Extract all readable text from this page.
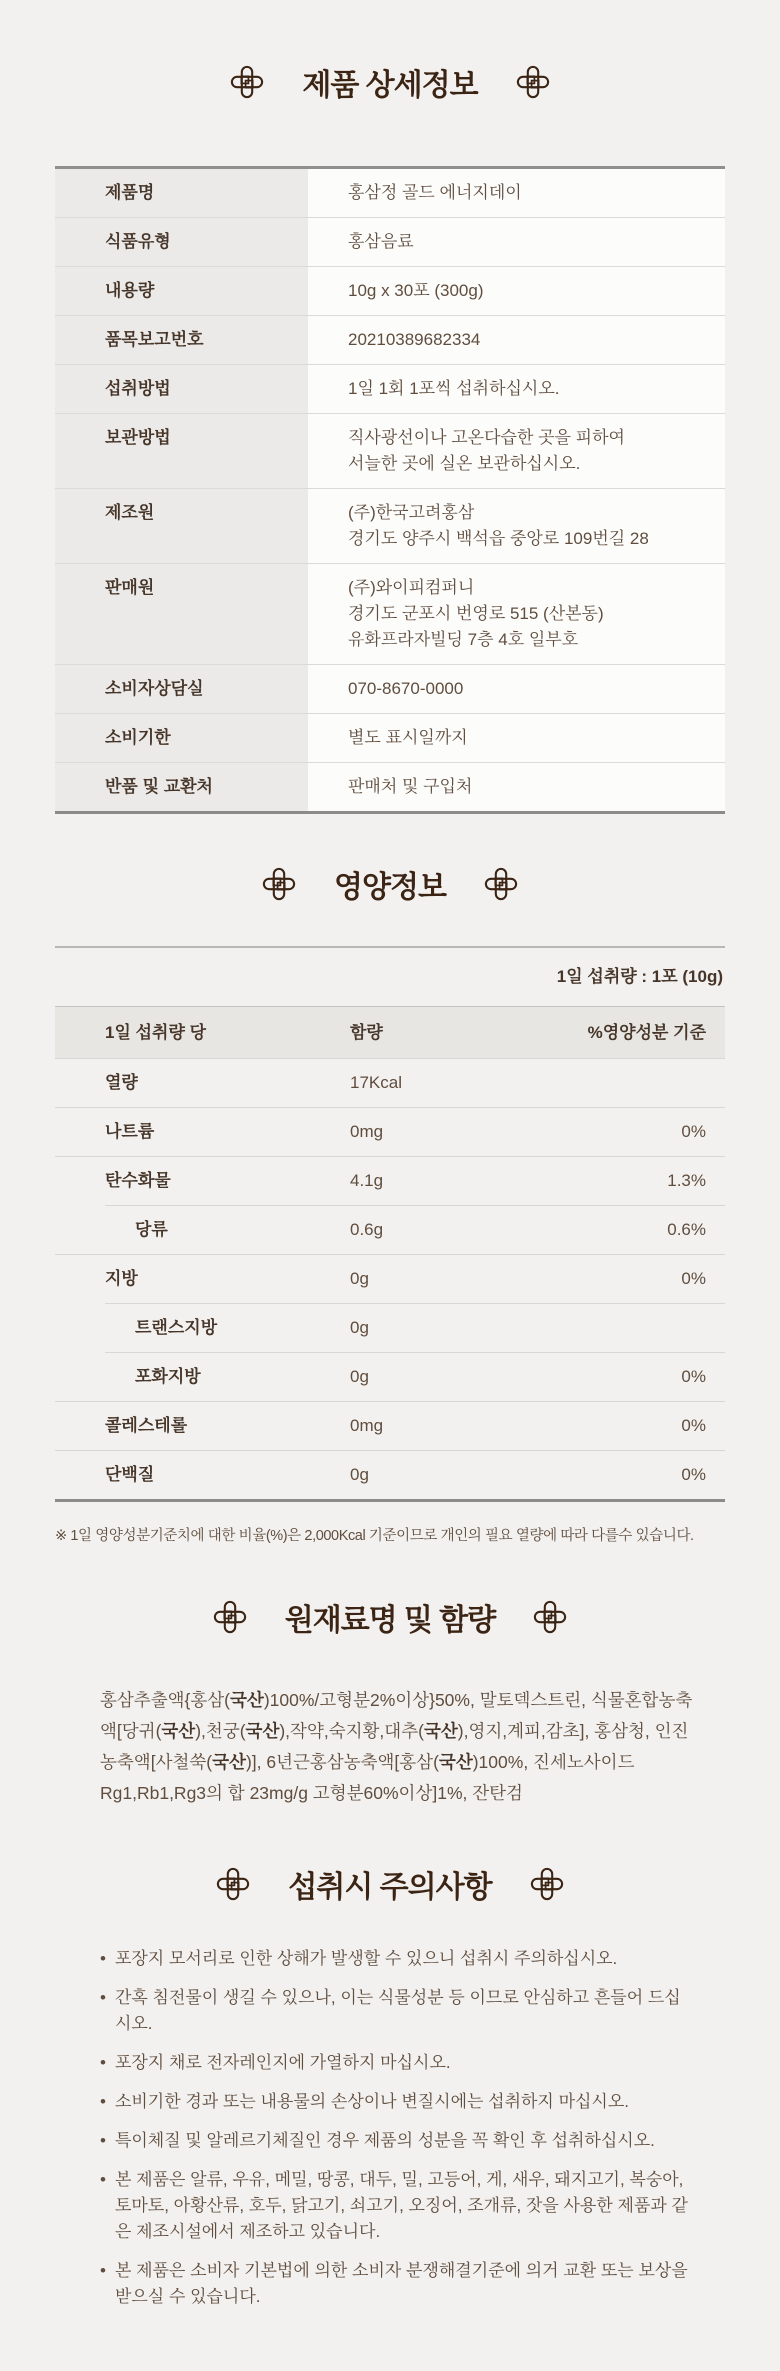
제품 상세정보
제품명	홍삼정 골드 에너지데이
식품유형	홍삼음료
내용량	10g x 30포 (300g)
품목보고번호	20210389682334
섭취방법	1일 1회 1포씩 섭취하십시오.
보관방법	직사광선이나 고온다습한 곳을 피하여
서늘한 곳에 실온 보관하십시오.
제조원	(주)한국고려홍삼
경기도 양주시 백석읍 중앙로 109번길 28
판매원	(주)와이피컴퍼니
경기도 군포시 번영로 515 (산본동)
유화프라자빌딩 7층 4호 일부호
소비자상담실	070-8670-0000
소비기한	별도 표시일까지
반품 및 교환처	판매처 및 구입처
영양정보
1일 섭취량 : 1포 (10g)
1일 섭취량 당	함량	%영양성분 기준
열량	17Kcal
나트륨	0mg	0%
탄수화물	4.1g	1.3%
당류	0.6g	0.6%
지방	0g	0%
트랜스지방	0g
포화지방	0g	0%
콜레스테롤	0mg	0%
단백질	0g	0%
※ 1일 영양성분기준치에 대한 비율(%)은 2,000Kcal 기준이므로 개인의 필요 열량에 따라 다를수 있습니다.
원재료명 및 함량

홍삼추출액{홍삼(국산)100%/고형분2%이상}50%, 말토덱스트린, 식물혼합농축액[당귀(국산),천궁(국산),작약,숙지황,대추(국산),영지,계피,감초], 홍삼청, 인진농축액[사철쑥(국산)], 6년근홍삼농축액[홍삼(국산)100%, 진세노사이드 Rg1,Rb1,Rg3의 합 23mg/g 고형분60%이상]1%, 잔탄검

섭취시 주의사항
• 포장지 모서리로 인한 상해가 발생할 수 있으니 섭취시 주의하십시오.
• 간혹 침전물이 생길 수 있으나, 이는 식물성분 등 이므로 안심하고 흔들어 드십시오.
• 포장지 채로 전자레인지에 가열하지 마십시오.
• 소비기한 경과 또는 내용물의 손상이나 변질시에는 섭취하지 마십시오.
• 특이체질 및 알레르기체질인 경우 제품의 성분을 꼭 확인 후 섭취하십시오.
• 본 제품은 알류, 우유, 메밀, 땅콩, 대두, 밀, 고등어, 게, 새우, 돼지고기, 복숭아, 토마토, 아황산류, 호두, 닭고기, 쇠고기, 오징어, 조개류, 잣을 사용한 제품과 같은 제조시설에서 제조하고 있습니다.
• 본 제품은 소비자 기본법에 의한 소비자 분쟁해결기준에 의거 교환 또는 보상을 받으실 수 있습니다.
